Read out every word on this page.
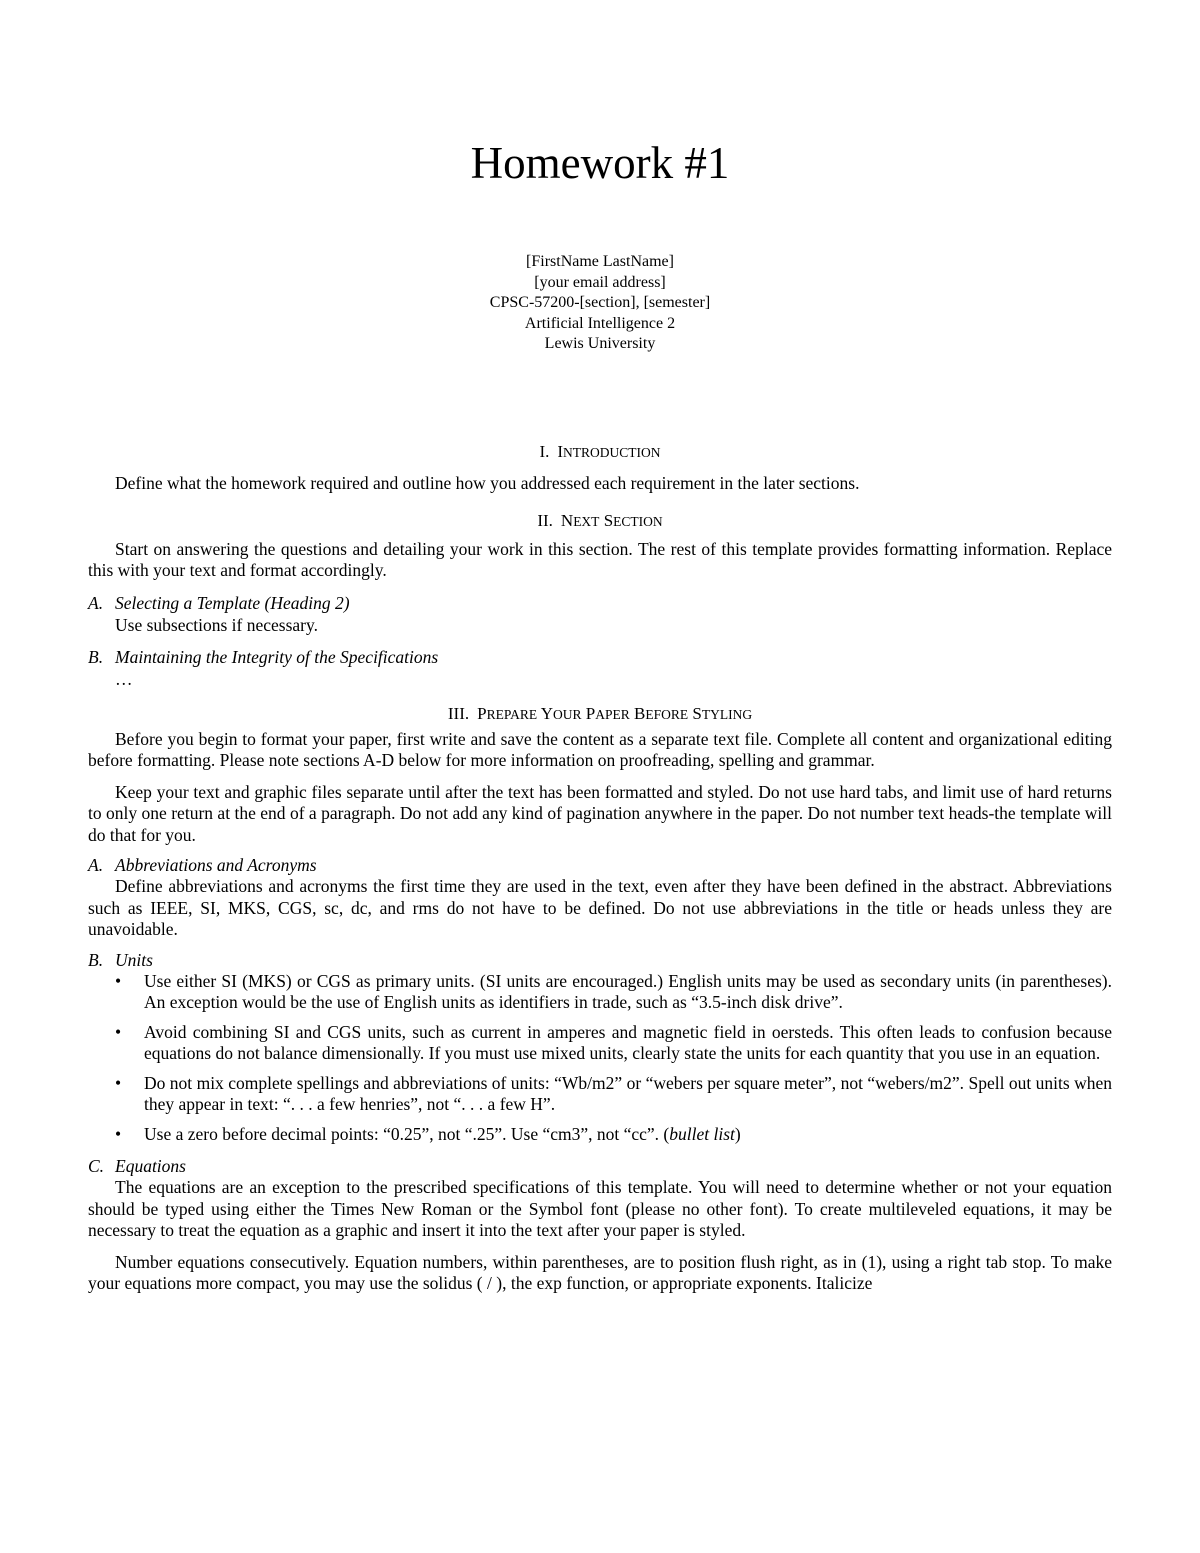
Homework #1
[FirstName LastName]
[your email address]
CPSC-57200-[section], [semester]
Artificial Intelligence 2
Lewis University
I. INTRODUCTION

Define what the homework required and outline how you addressed each requirement in the later sections.

II. NEXT SECTION

Start on answering the questions and detailing your work in this section. The rest of this template provides formatting information. Replace this with your text and format accordingly.

A. Selecting a Template (Heading 2)
Use subsections if necessary.
B. Maintaining the Integrity of the Specifications
…
III. PREPARE YOUR PAPER BEFORE STYLING

Before you begin to format your paper, first write and save the content as a separate text file. Complete all content and organizational editing before formatting. Please note sections A-D below for more information on proofreading, spelling and grammar.

Keep your text and graphic files separate until after the text has been formatted and styled. Do not use hard tabs, and limit use of hard returns to only one return at the end of a paragraph. Do not add any kind of pagination anywhere in the paper. Do not number text heads-the template will do that for you.

A. Abbreviations and Acronyms

Define abbreviations and acronyms the first time they are used in the text, even after they have been defined in the abstract. Abbreviations such as IEEE, SI, MKS, CGS, sc, dc, and rms do not have to be defined. Do not use abbreviations in the title or heads unless they are unavoidable.

B. Units
• Use either SI (MKS) or CGS as primary units. (SI units are encouraged.) English units may be used as secondary units (in parentheses). An exception would be the use of English units as identifiers in trade, such as “3.5-inch disk drive”.
• Avoid combining SI and CGS units, such as current in amperes and magnetic field in oersteds. This often leads to confusion because equations do not balance dimensionally. If you must use mixed units, clearly state the units for each quantity that you use in an equation.
• Do not mix complete spellings and abbreviations of units: “Wb/m2” or “webers per square meter”, not “webers/m2”. Spell out units when they appear in text: “. . . a few henries”, not “. . . a few H”.
• Use a zero before decimal points: “0.25”, not “.25”. Use “cm3”, not “cc”. (bullet list)
C. Equations

The equations are an exception to the prescribed specifications of this template. You will need to determine whether or not your equation should be typed using either the Times New Roman or the Symbol font (please no other font). To create multileveled equations, it may be necessary to treat the equation as a graphic and insert it into the text after your paper is styled.

Number equations consecutively. Equation numbers, within parentheses, are to position flush right, as in (1), using a right tab stop. To make your equations more compact, you may use the solidus ( / ), the exp function, or appropriate exponents. Italicize
